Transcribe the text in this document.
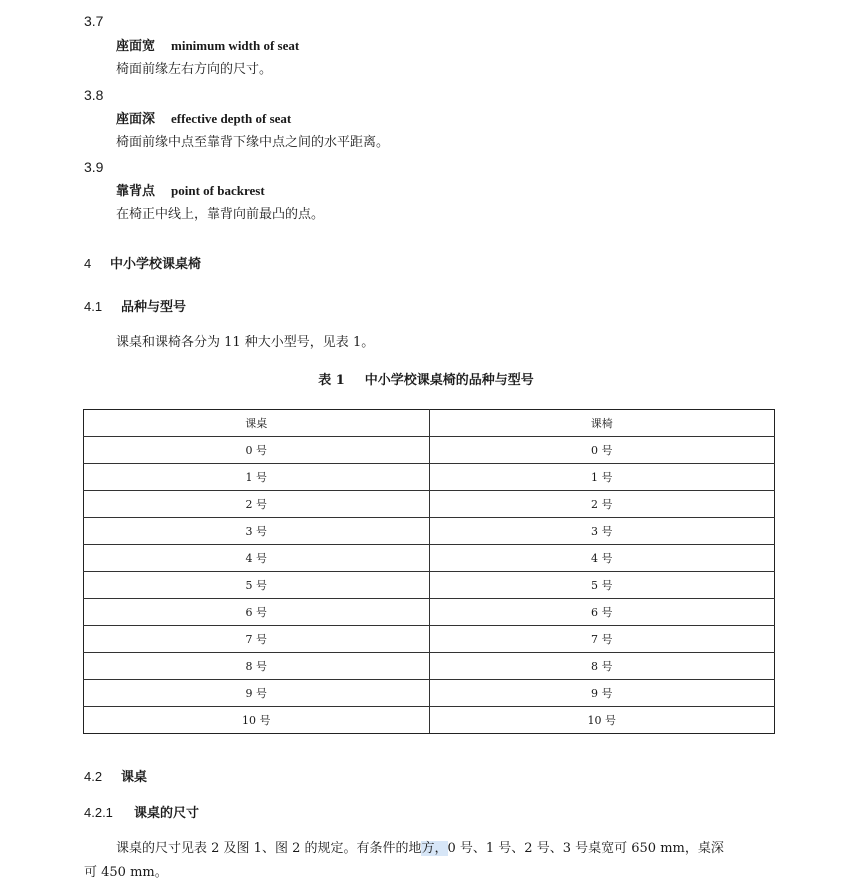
3.7
座面宽 minimum width of seat
椅面前缘左右方向的尺寸。
3.8
座面深 effective depth of seat
椅面前缘中点至靠背下缘中点之间的水平距离。
3.9
靠背点 point of backrest
在椅正中线上，靠背向前最凸的点。
4 中小学校课桌椅
4.1 品种与型号
课桌和课椅各分为 11 种大小型号，见表 1。
表 1 中小学校课桌椅的品种与型号
课桌	课椅
0 号	0 号
1 号	1 号
2 号	2 号
3 号	3 号
4 号	4 号
5 号	5 号
6 号	6 号
7 号	7 号
8 号	8 号
9 号	9 号
10 号	10 号
4.2 课桌
4.2.1 课桌的尺寸
课桌的尺寸见表 2 及图 1、图 2 的规定。有条件的地方，0 号、1 号、2 号、3 号桌宽可 650 mm，桌深
可 450 mm。
